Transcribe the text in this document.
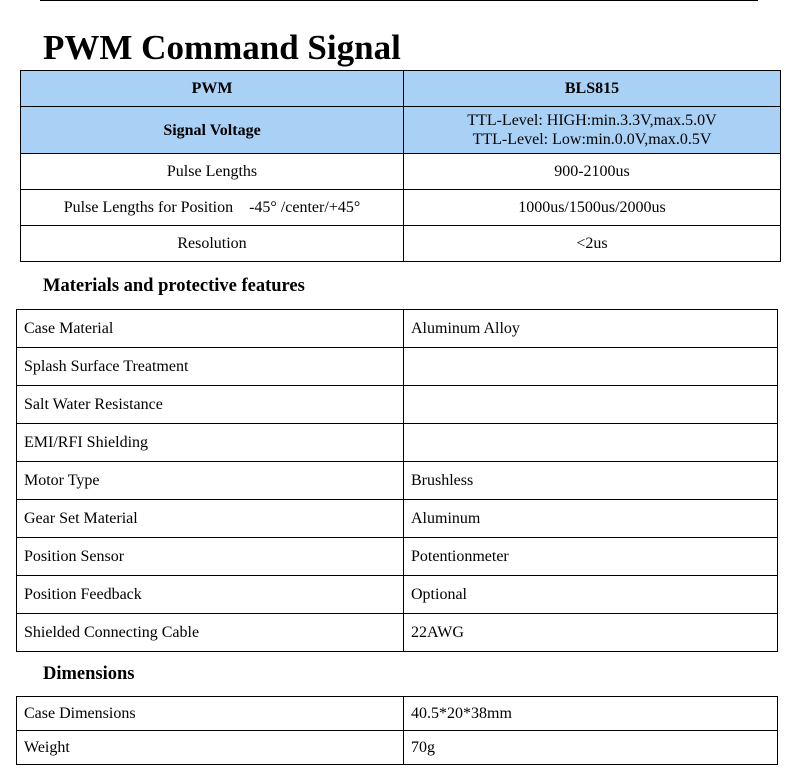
PWM Command Signal
PWM	BLS815
Signal Voltage	TTL-Level: HIGH:min.3.3V,max.5.0V
TTL-Level: Low:min.0.0V,max.0.5V

Pulse Lengths	900-2100us
Pulse Lengths for Position    -45° /center/+45°	1000us/1500us/2000us
Resolution	<2us
Materials and protective features
Case Material	Aluminum Alloy
Splash Surface Treatment	
Salt Water Resistance	
EMI/RFI Shielding	
Motor Type	Brushless
Gear Set Material	Aluminum
Position Sensor	Potentionmeter
Position Feedback	Optional
Shielded Connecting Cable	22AWG
Dimensions
Case Dimensions	40.5*20*38mm
Weight	70g
